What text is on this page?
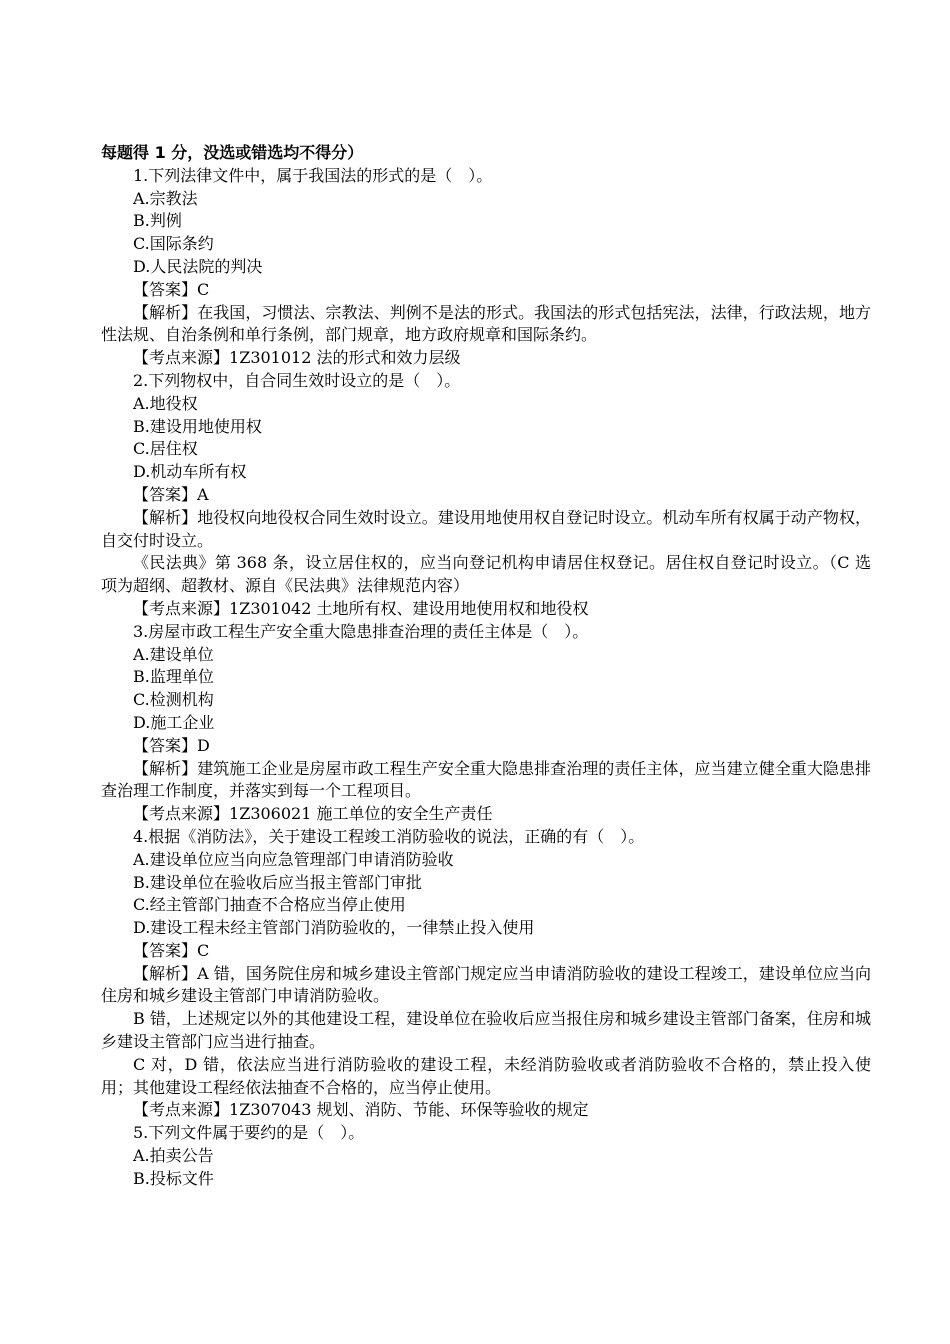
每题得 1 分，没选或错选均不得分）
1.下列法律文件中，属于我国法的形式的是（　）。
A.宗教法
B.判例
C.国际条约
D.人民法院的判决
【答案】C
【解析】在我国，习惯法、宗教法、判例不是法的形式。我国法的形式包括宪法，法律，行政法规，地方性法规、自治条例和单行条例，部门规章，地方政府规章和国际条约。
【考点来源】1Z301012 法的形式和效力层级
2.下列物权中，自合同生效时设立的是（　）。
A.地役权
B.建设用地使用权
C.居住权
D.机动车所有权
【答案】A
【解析】地役权向地役权合同生效时设立。建设用地使用权自登记时设立。机动车所有权属于动产物权，自交付时设立。
《民法典》第 368 条，设立居住权的，应当向登记机构申请居住权登记。居住权自登记时设立。（C 选项为超纲、超教材、源自《民法典》法律规范内容）
【考点来源】1Z301042 土地所有权、建设用地使用权和地役权
3.房屋市政工程生产安全重大隐患排查治理的责任主体是（　）。
A.建设单位
B.监理单位
C.检测机构
D.施工企业
【答案】D
【解析】建筑施工企业是房屋市政工程生产安全重大隐患排查治理的责任主体，应当建立健全重大隐患排查治理工作制度，并落实到每一个工程项目。
【考点来源】1Z306021 施工单位的安全生产责任
4.根据《消防法》，关于建设工程竣工消防验收的说法，正确的有（　）。
A.建设单位应当向应急管理部门申请消防验收
B.建设单位在验收后应当报主管部门审批
C.经主管部门抽查不合格应当停止使用
D.建设工程未经主管部门消防验收的，一律禁止投入使用
【答案】C
【解析】A 错，国务院住房和城乡建设主管部门规定应当申请消防验收的建设工程竣工，建设单位应当向住房和城乡建设主管部门申请消防验收。
B 错，上述规定以外的其他建设工程，建设单位在验收后应当报住房和城乡建设主管部门备案，住房和城乡建设主管部门应当进行抽查。
C 对，D 错，依法应当进行消防验收的建设工程，未经消防验收或者消防验收不合格的，禁止投入使用；其他建设工程经依法抽查不合格的，应当停止使用。
【考点来源】1Z307043 规划、消防、节能、环保等验收的规定
5.下列文件属于要约的是（　）。
A.拍卖公告
B.投标文件
